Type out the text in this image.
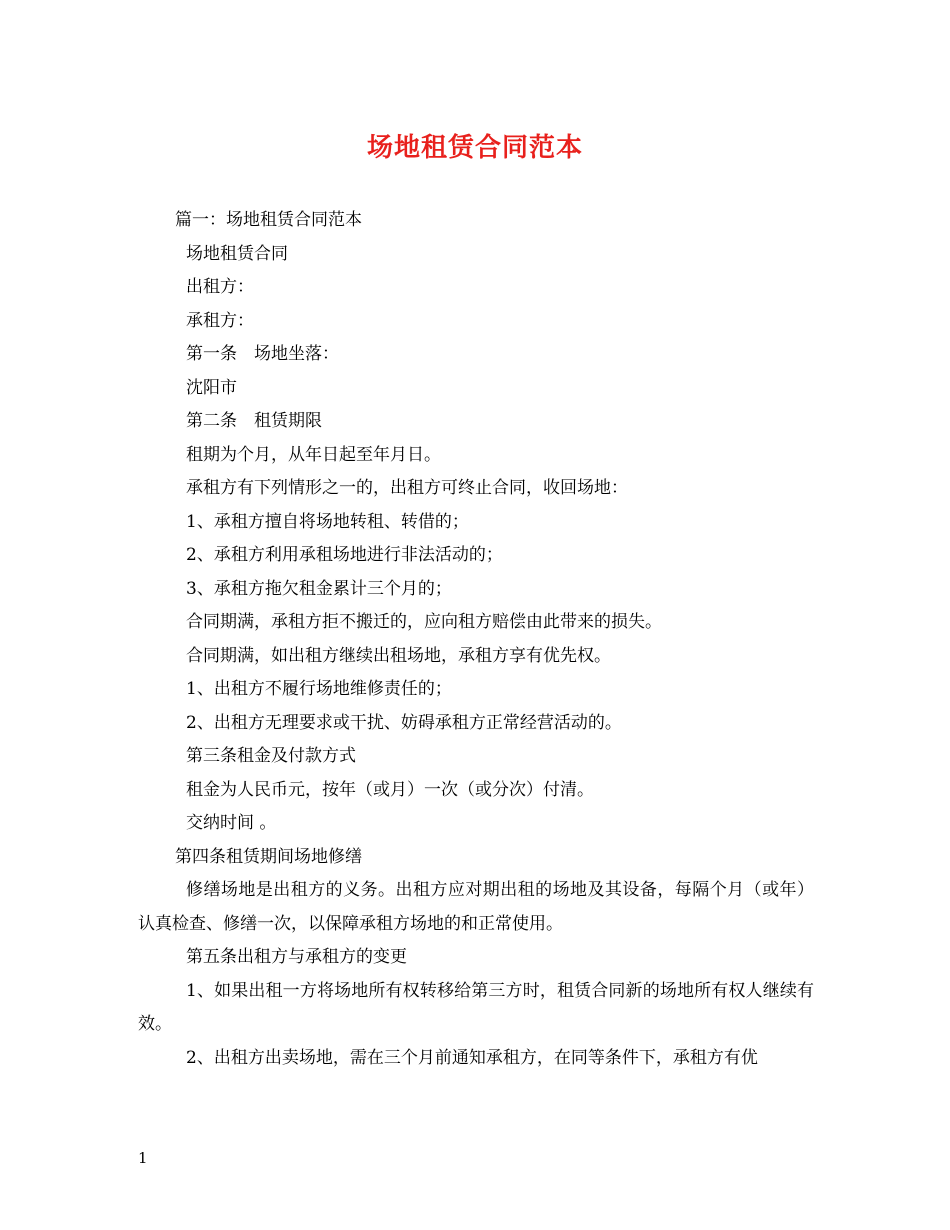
场地租赁合同范本
篇一：场地租赁合同范本
场地租赁合同
出租方：
承租方：
第一条　场地坐落：
沈阳市
第二条　租赁期限
租期为个月，从年日起至年月日。
承租方有下列情形之一的，出租方可终止合同，收回场地：
1、承租方擅自将场地转租、转借的；
2、承租方利用承租场地进行非法活动的；
3、承租方拖欠租金累计三个月的；
合同期满，承租方拒不搬迁的，应向租方赔偿由此带来的损失。
合同期满，如出租方继续出租场地，承租方享有优先权。
1、出租方不履行场地维修责任的；
2、出租方无理要求或干扰、妨碍承租方正常经营活动的。
第三条租金及付款方式
租金为人民币元，按年（或月）一次（或分次）付清。
交纳时间 。
第四条租赁期间场地修缮
修缮场地是出租方的义务。出租方应对期出租的场地及其设备，每隔个月（或年）认真检查、修缮一次，以保障承租方场地的和正常使用。
第五条出租方与承租方的变更
1、如果出租一方将场地所有权转移给第三方时，租赁合同新的场地所有权人继续有效。
2、出租方出卖场地，需在三个月前通知承租方，在同等条件下，承租方有优
1
